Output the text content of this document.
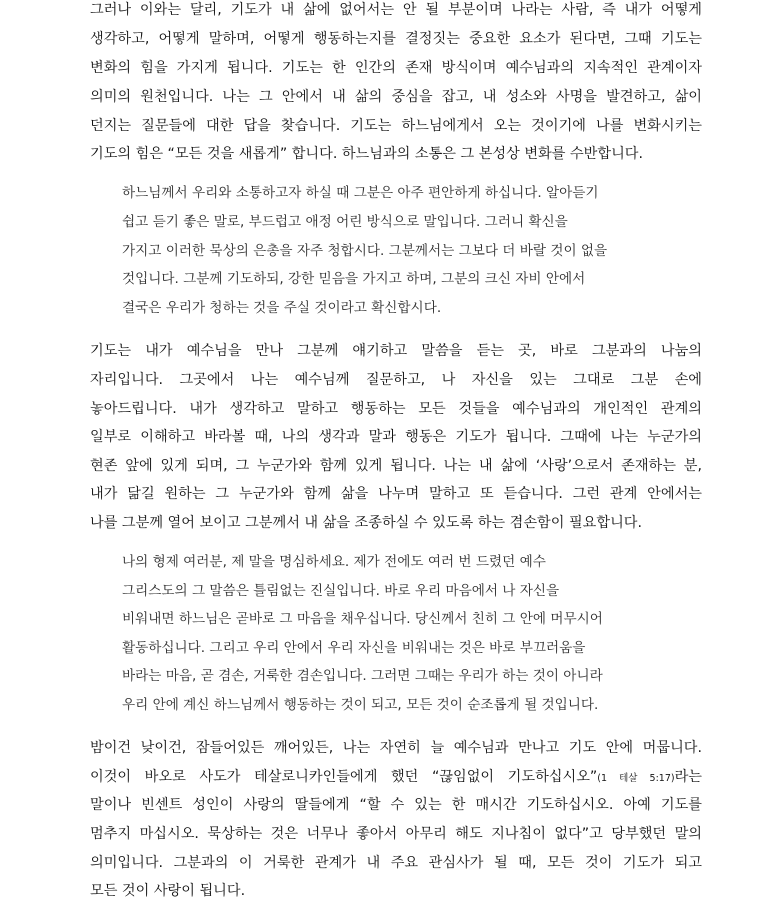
그러나 이와는 달리, 기도가 내 삶에 없어서는 안 될 부분이며 나라는 사람, 즉 내가 어떻게
생각하고, 어떻게 말하며, 어떻게 행동하는지를 결정짓는 중요한 요소가 된다면, 그때 기도는
변화의 힘을 가지게 됩니다. 기도는 한 인간의 존재 방식이며 예수님과의 지속적인 관계이자
의미의 원천입니다. 나는 그 안에서 내 삶의 중심을 잡고, 내 성소와 사명을 발견하고, 삶이
던지는 질문들에 대한 답을 찾습니다. 기도는 하느님에게서 오는 것이기에 나를 변화시키는
기도의 힘은 “모든 것을 새롭게” 합니다. 하느님과의 소통은 그 본성상 변화를 수반합니다.
하느님께서 우리와 소통하고자 하실 때 그분은 아주 편안하게 하십니다. 알아듣기
쉽고 듣기 좋은 말로, 부드럽고 애정 어린 방식으로 말입니다. 그러니 확신을
가지고 이러한 묵상의 은총을 자주 청합시다. 그분께서는 그보다 더 바랄 것이 없을
것입니다. 그분께 기도하되, 강한 믿음을 가지고 하며, 그분의 크신 자비 안에서
결국은 우리가 청하는 것을 주실 것이라고 확신합시다.
기도는 내가 예수님을 만나 그분께 얘기하고 말씀을 듣는 곳, 바로 그분과의 나눔의
자리입니다. 그곳에서 나는 예수님께 질문하고, 나 자신을 있는 그대로 그분 손에
놓아드립니다. 내가 생각하고 말하고 행동하는 모든 것들을 예수님과의 개인적인 관계의
일부로 이해하고 바라볼 때, 나의 생각과 말과 행동은 기도가 됩니다. 그때에 나는 누군가의
현존 앞에 있게 되며, 그 누군가와 함께 있게 됩니다. 나는 내 삶에 ‘사랑’으로서 존재하는 분,
내가 닮길 원하는 그 누군가와 함께 삶을 나누며 말하고 또 듣습니다. 그런 관계 안에서는
나를 그분께 열어 보이고 그분께서 내 삶을 조종하실 수 있도록 하는 겸손함이 필요합니다.
나의 형제 여러분, 제 말을 명심하세요. 제가 전에도 여러 번 드렸던 예수
그리스도의 그 말씀은 틀림없는 진실입니다. 바로 우리 마음에서 나 자신을
비워내면 하느님은 곧바로 그 마음을 채우십니다. 당신께서 친히 그 안에 머무시어
활동하십니다. 그리고 우리 안에서 우리 자신을 비워내는 것은 바로 부끄러움을
바라는 마음, 곧 겸손, 거룩한 겸손입니다. 그러면 그때는 우리가 하는 것이 아니라
우리 안에 계신 하느님께서 행동하는 것이 되고, 모든 것이 순조롭게 될 것입니다.
밤이건 낮이건, 잠들어있든 깨어있든, 나는 자연히 늘 예수님과 만나고 기도 안에 머뭅니다.
이것이 바오로 사도가 테살로니카인들에게 했던 “끊임없이 기도하십시오”(1 테살 5:17)라는
말이나 빈센트 성인이 사랑의 딸들에게 “할 수 있는 한 매시간 기도하십시오. 아예 기도를
멈추지 마십시오. 묵상하는 것은 너무나 좋아서 아무리 해도 지나침이 없다”고 당부했던 말의
의미입니다. 그분과의 이 거룩한 관계가 내 주요 관심사가 될 때, 모든 것이 기도가 되고
모든 것이 사랑이 됩니다.
